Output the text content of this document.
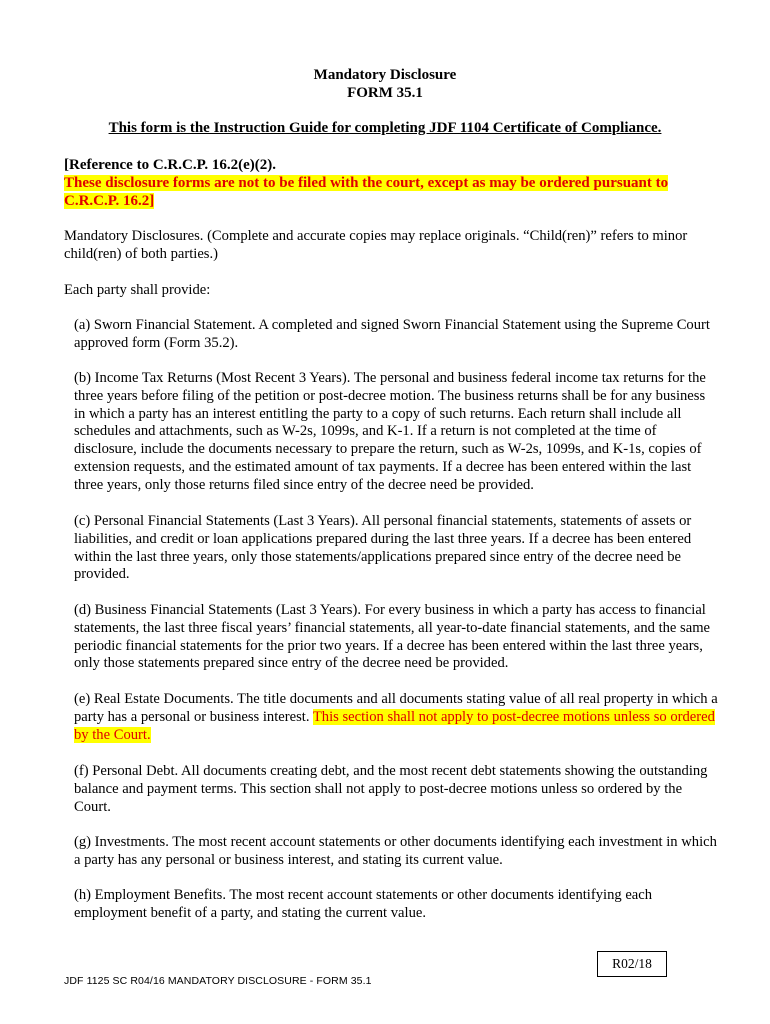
Mandatory Disclosure
FORM 35.1
This form is the Instruction Guide for completing JDF 1104 Certificate of Compliance.
[Reference to C.R.C.P. 16.2(e)(2).
These disclosure forms are not to be filed with the court, except as may be ordered pursuant to C.R.C.P. 16.2]
Mandatory Disclosures. (Complete and accurate copies may replace originals. “Child(ren)” refers to minor child(ren) of both parties.)
Each party shall provide:
(a) Sworn Financial Statement. A completed and signed Sworn Financial Statement using the Supreme Court approved form (Form 35.2).
(b) Income Tax Returns (Most Recent 3 Years). The personal and business federal income tax returns for the three years before filing of the petition or post-decree motion. The business returns shall be for any business in which a party has an interest entitling the party to a copy of such returns. Each return shall include all schedules and attachments, such as W-2s, 1099s, and K-1. If a return is not completed at the time of disclosure, include the documents necessary to prepare the return, such as W-2s, 1099s, and K-1s, copies of extension requests, and the estimated amount of tax payments. If a decree has been entered within the last three years, only those returns filed since entry of the decree need be provided.
(c) Personal Financial Statements (Last 3 Years). All personal financial statements, statements of assets or liabilities, and credit or loan applications prepared during the last three years. If a decree has been entered within the last three years, only those statements/applications prepared since entry of the decree need be provided.
(d) Business Financial Statements (Last 3 Years). For every business in which a party has access to financial statements, the last three fiscal years’ financial statements, all year-to-date financial statements, and the same periodic financial statements for the prior two years. If a decree has been entered within the last three years, only those statements prepared since entry of the decree need be provided.
(e) Real Estate Documents. The title documents and all documents stating value of all real property in which a party has a personal or business interest. This section shall not apply to post-decree motions unless so ordered by the Court.
(f) Personal Debt. All documents creating debt, and the most recent debt statements showing the outstanding balance and payment terms. This section shall not apply to post-decree motions unless so ordered by the Court.
(g) Investments. The most recent account statements or other documents identifying each investment in which a party has any personal or business interest, and stating its current value.
(h) Employment Benefits. The most recent account statements or other documents identifying each employment benefit of a party, and stating the current value.
R02/18
JDF 1125 SC R04/16 MANDATORY DISCLOSURE - FORM 35.1
